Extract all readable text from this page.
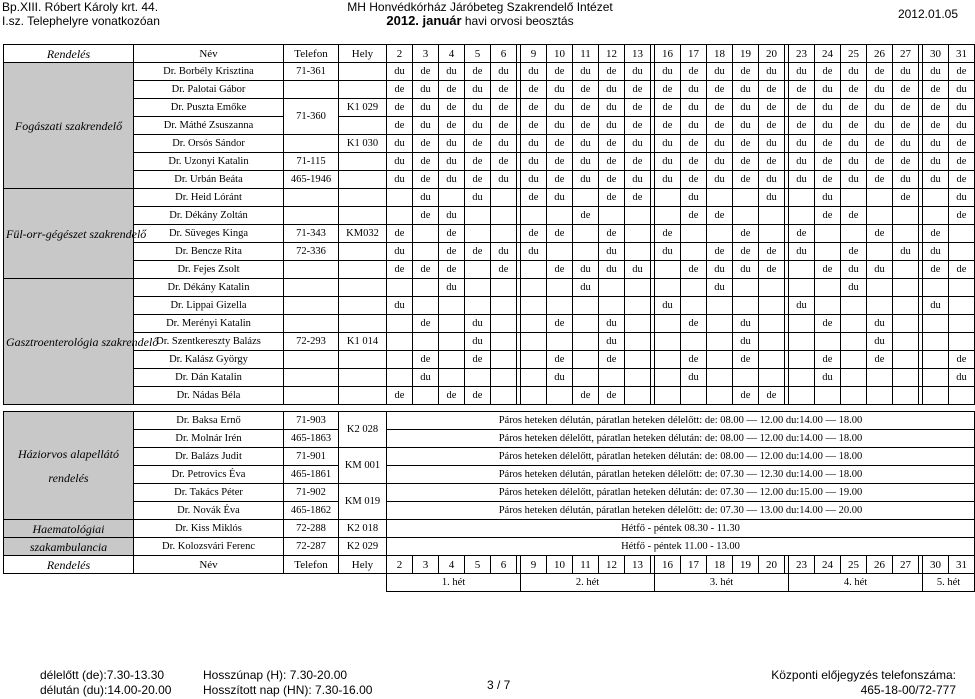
Bp.XIII. Róbert Károly krt. 44.
I.sz. Telephelyre vonatkozóan
MH Honvédkórház Járóbeteg Szakrendelő Intézet
2012. január havi orvosi beosztás	2012.01.05
Rendelés	Név	Telefon	Hely	2	3	4	5	6		9	10	11	12	13		16	17	18	19	20		23	24	25	26	27		30	31
Fogászati szakrendelő	Dr. Borbély Krisztina	71-361		du	de	du	de	du		du	de	du	de	du		du	de	du	de	du		du	de	du	de	du		du	de
	Dr. Palotai Gábor			de	du	de	du	de		de	du	de	du	de		de	du	de	du	de		de	du	de	du	de		de	du
	Dr. Puszta Emőke	71-360	K1 029	de	du	de	du	de		de	du	de	du	de		de	du	de	du	de		de	du	de	du	de		de	du
	Dr. Máthé Zsuszanna			de	du	de	du	de		de	du	de	du	de		de	du	de	du	de		de	du	de	du	de		de	du
	Dr. Orsós Sándor		K1 030	du	de	du	de	du		du	de	du	de	du		du	de	du	de	du		du	de	du	de	du		du	de
	Dr. Uzonyi Katalin	71-115		du	de	du	de	de		du	de	du	de	de		du	de	du	de	de		du	de	du	de	de		du	de
	Dr. Urbán Beáta	465-1946		du	de	du	de	du		du	de	du	de	du		du	de	du	de	du		du	de	du	de	du		du	de
Fül-orr-gégészet szakrendelő	Dr. Heid Lóránt				du		du			de	du		de	de			du			du			du			de			du
	Dr. Dékány Zoltán				de	du						de					de	de					de	de					de
	Dr. Süveges Kinga	71-343	KM032	de		de				de	de		de			de			de			de			de			de	
	Dr. Bencze Rita	72-336		du		de	de	du		du			du			du		de	de	de		du		de		du		du	
	Dr. Fejes Zsolt			de	de	de		de			de	du	du	du			de	du	du	de			de	du	du			de	de
Gasztroenterológia szakrendelő	Dr. Dékány Katalin					du						du						du						du					
	Dr. Lippai Gizella			du												du						du						du	
	Dr. Merényi Katalin				de		du				de		du				de		du				de		du				
	Dr. Szentkereszty Balázs	72-293	K1 014				du						du						du						du				
	Dr. Kalász György				de		de				de		de				de		de				de		de				de
	Dr. Dán Katalin				du						du						du						du						du
	Dr. Nádas Béla			de		de	de					de	de						de	de									

Háziorvos alapellátó rendelés	Dr. Baksa Ernő	71-903	K2 028	Páros heteken délután, páratlan heteken délelőtt: de: 08.00 — 12.00 du:14.00 — 18.00																									
	Dr. Molnár Irén	465-1863		Páros heteken délelőtt, páratlan heteken délután: de: 08.00 — 12.00 du:14.00 — 18.00																									
	Dr. Balázs Judit	71-901	KM 001	Páros heteken délelőtt, páratlan heteken délután: de: 08.00 — 12.00 du:14.00 — 18.00																									
	Dr. Petrovics Éva	465-1861		Páros heteken délután, páratlan heteken délelőtt: de: 07.30 — 12.30 du:14.00 — 18.00																									
	Dr. Takács Péter	71-902	KM 019	Páros heteken délelőtt, páratlan heteken délután: de: 07.30 — 12.00 du:15.00 — 19.00																									
	Dr. Novák Éva	465-1862		Páros heteken délután, páratlan heteken délelőtt: de: 07.30 — 13.00 du:14.00 — 20.00																									
Haematológiai	Dr. Kiss Miklós	72-288	K2 018	Hétfő - péntek 08.30 - 11.30																									
szakambulancia	Dr. Kolozsvári Ferenc	72-287	K2 029	Hétfő - péntek 11.00 - 13.00																									
Rendelés	Név	Telefon	Hely	2	3	4	5	6		9	10	11	12	13		16	17	18	19	20		23	24	25	26	27		30	31
				1. hét						2. hét						3. hét						4. hét						5. hét	
délelőtt (de):7.30-13.30
délután (du):14.00-20.00
Hosszúnap (H): 7.30-20.00
Hosszított nap (HN): 7.30-16.00	3 / 7
Központi előjegyzés telefonszáma:
465-18-00/72-777
